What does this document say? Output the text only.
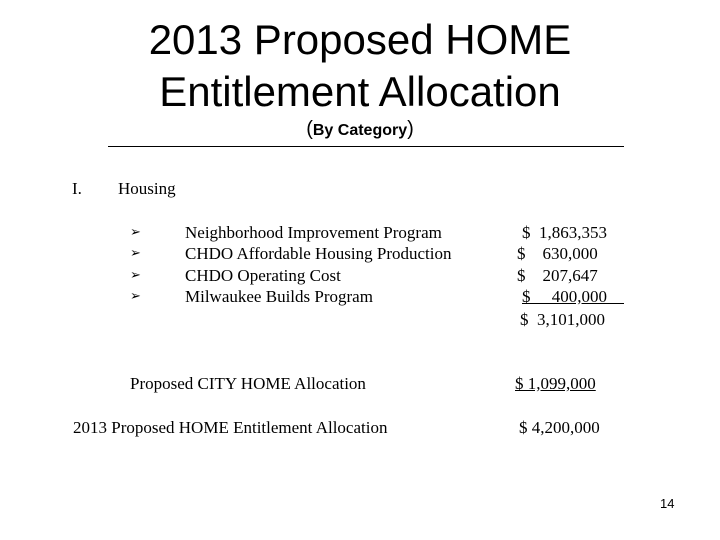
2013 Proposed HOME
Entitlement Allocation
(By Category)
I. Housing
➢	Neighborhood Improvement Program	$  1,863,353
➢	CHDO Affordable Housing Production	$    630,000
➢	CHDO Operating Cost	$    207,647
➢	Milwaukee Builds Program	$     400,000
$  3,101,000
Proposed CITY HOME Allocation	$ 1,099,000
2013 Proposed HOME Entitlement Allocation	$ 4,200,000
14
